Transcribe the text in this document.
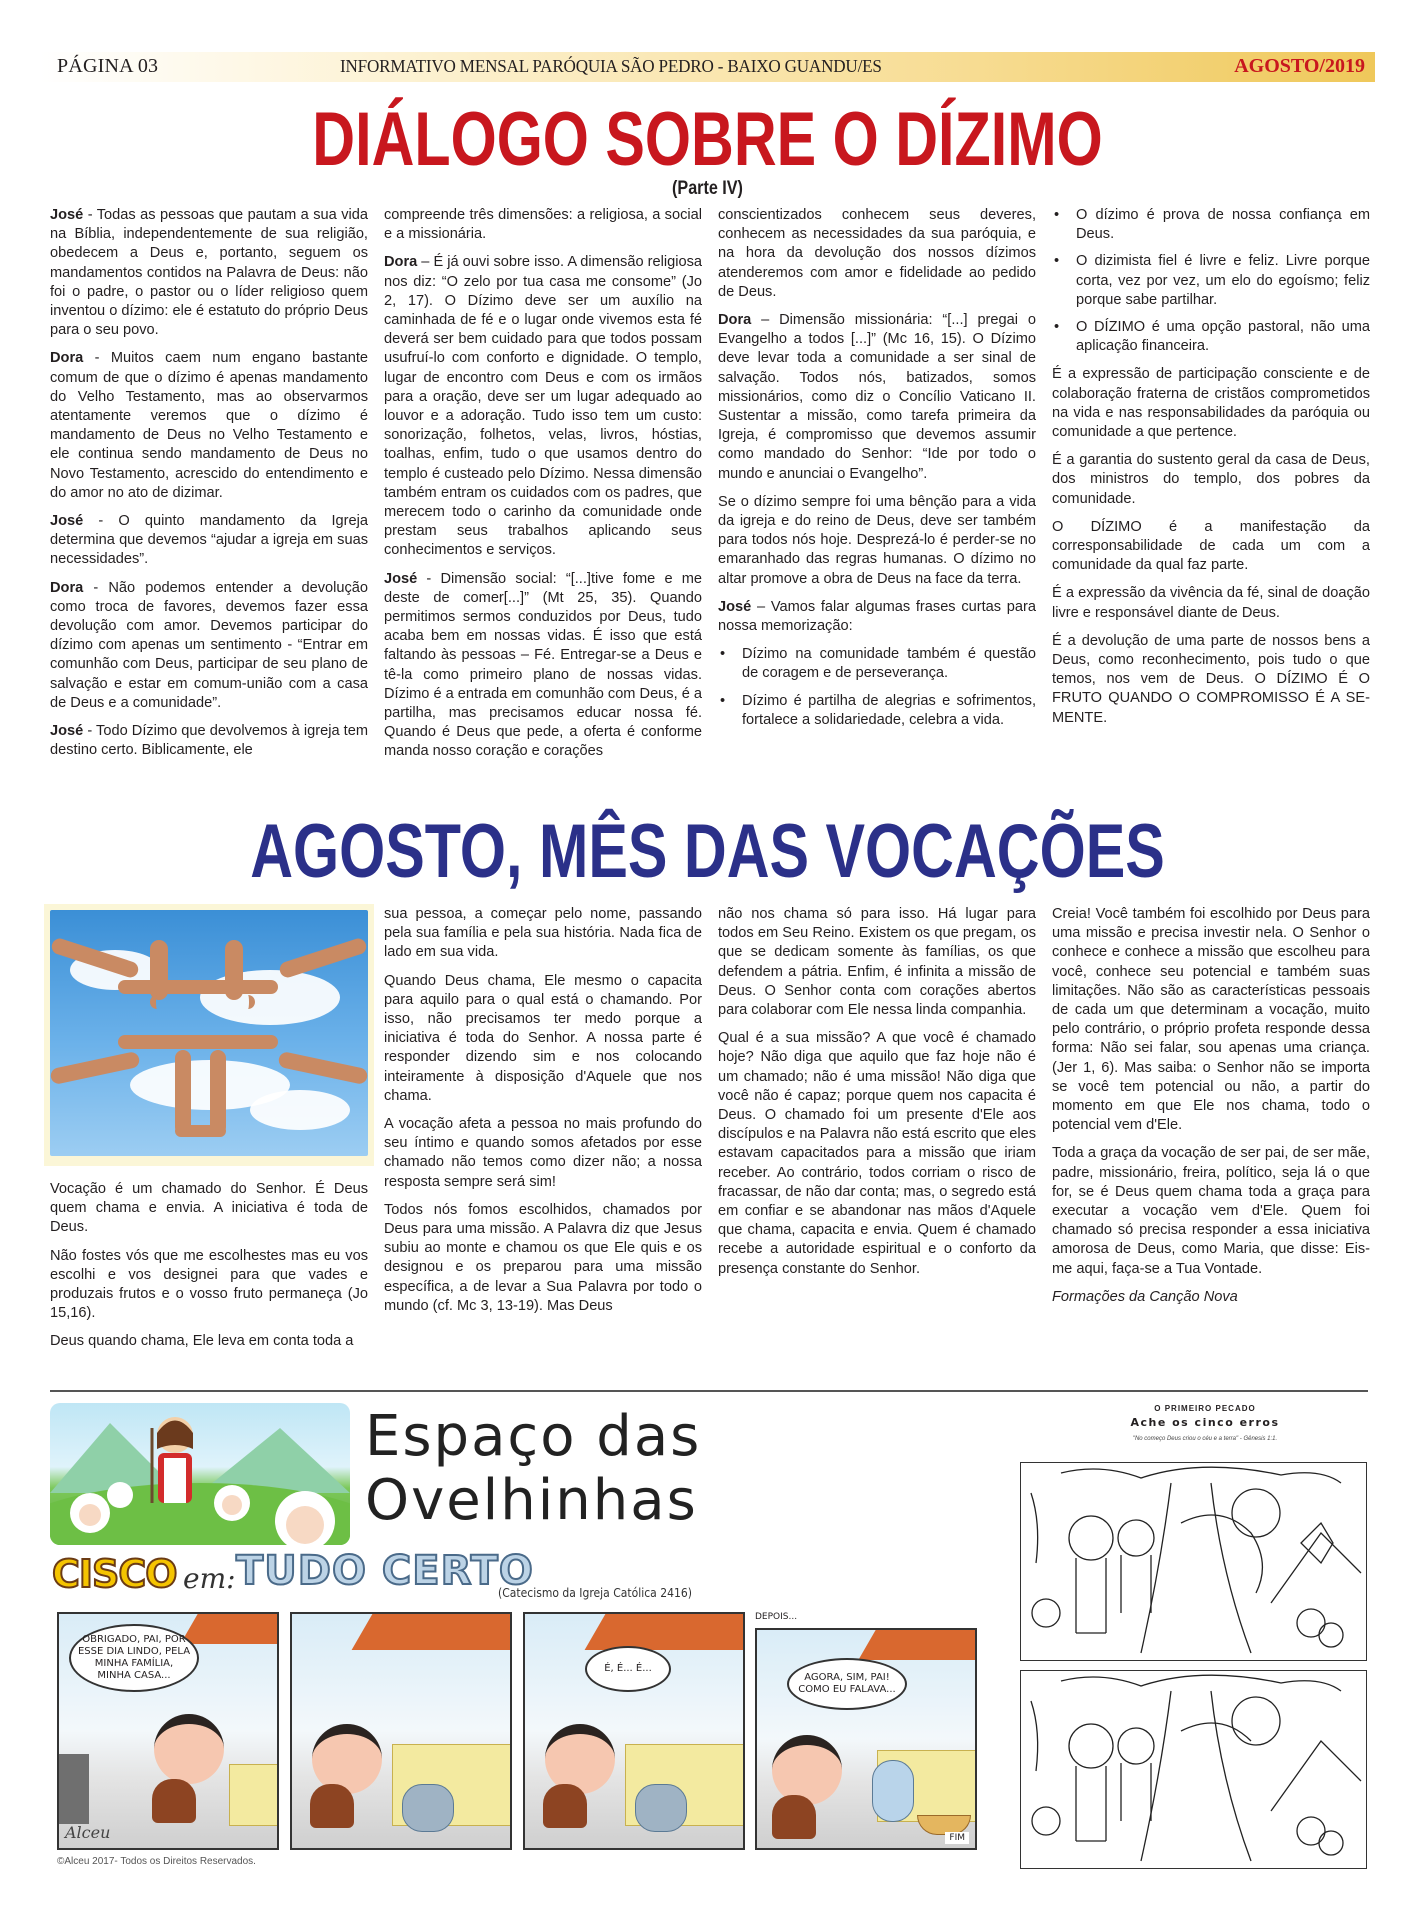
PÁGINA 03	INFORMATIVO MENSAL PARÓQUIA SÃO PEDRO - BAIXO GUANDU/ES	AGOSTO/2019
DIÁLOGO SOBRE O DÍZIMO
(Parte IV)

José - Todas as pessoas que pautam a sua vida na Bíblia, independentemente de sua religião, obedecem a Deus e, portanto, seguem os mandamentos contidos na Palavra de Deus: não foi o padre, o pastor ou o líder religioso quem inventou o dízimo: ele é estatuto do próprio Deus para o seu povo.

Dora - Muitos caem num engano bastante comum de que o dízimo é apenas mandamento do Velho Testamento, mas ao observarmos atentamente veremos que o dízimo é mandamento de Deus no Velho Testamento e ele continua sendo mandamento de Deus no Novo Testamento, acrescido do entendimento e do amor no ato de dizimar.

José - O quinto mandamento da Igreja determina que devemos “ajudar a igreja em suas necessidades”.

Dora - Não podemos entender a devolução como troca de favores, devemos fazer essa devolução com amor. Devemos participar do dízimo com apenas um sentimento - “Entrar em comunhão com Deus, participar de seu plano de salvação e estar em comum-união com a casa de Deus e a comunidade”.

José - Todo Dízimo que devolvemos à igreja tem destino certo. Biblicamente, ele

compreende três dimensões: a religiosa, a social e a missionária.

Dora – É já ouvi sobre isso. A dimensão religiosa nos diz: “O zelo por tua casa me consome” (Jo 2, 17). O Dízimo deve ser um auxílio na caminhada de fé e o lugar onde vivemos esta fé deverá ser bem cuidado para que todos possam usufruí-lo com conforto e dignidade. O templo, lugar de encontro com Deus e com os irmãos para a oração, deve ser um lugar adequado ao louvor e a adoração. Tudo isso tem um custo: sonorização, folhetos, velas, livros, hóstias, toalhas, enfim, tudo o que usamos dentro do templo é custeado pelo Dízimo. Nessa dimensão também entram os cuidados com os padres, que merecem todo o carinho da comunidade onde prestam seus trabalhos aplicando seus conhecimentos e serviços.

José - Dimensão social: “[...]tive fome e me deste de comer[...]” (Mt 25, 35). Quando permitimos sermos conduzidos por Deus, tudo acaba bem em nossas vidas. É isso que está faltando às pessoas – Fé. Entregar-se a Deus e tê-la como primeiro plano de nossas vidas. Dízimo é a entrada em comunhão com Deus, é a partilha, mas precisamos educar nossa fé. Quando é Deus que pede, a oferta é conforme manda nosso coração e corações

conscientizados conhecem seus deveres, conhecem as necessidades da sua paróquia, e na hora da devolução dos nossos dízimos atenderemos com amor e fidelidade ao pedido de Deus.

Dora – Dimensão missionária: “[...] pregai o Evangelho a todos [...]” (Mc 16, 15). O Dízimo deve levar toda a comunidade a ser sinal de salvação. Todos nós, batizados, somos missionários, como diz o Concílio Vaticano II. Sustentar a missão, como tarefa primeira da Igreja, é compromisso que devemos assumir como mandado do Senhor: “Ide por todo o mundo e anunciai o Evangelho”.

Se o dízimo sempre foi uma bênção para a vida da igreja e do reino de Deus, deve ser também para todos nós hoje. Desprezá-lo é perder-se no emaranhado das regras humanas. O dízimo no altar promove a obra de Deus na face da terra.

José – Vamos falar algumas frases curtas para nossa memorização:

• Dízimo na comunidade também é questão de coragem e de perseverança.
• Dízimo é partilha de alegrias e sofrimentos, fortalece a solidariedade, celebra a vida.
• O dízimo é prova de nossa confiança em Deus.
• O dizimista fiel é livre e feliz. Livre porque corta, vez por vez, um elo do egoísmo; feliz porque sabe partilhar.
• O DÍZIMO é uma opção pastoral, não uma aplicação financeira.

É a expressão de participação consciente e de colaboração fraterna de cristãos comprometidos na vida e nas responsabilidades da paróquia ou comunidade a que pertence.

É a garantia do sustento geral da casa de Deus, dos ministros do templo, dos pobres da comunidade.

O DÍZIMO é a manifestação da corresponsabilidade de cada um com a comunidade da qual faz parte.

É a expressão da vivência da fé, sinal de doação livre e responsável diante de Deus.

É a devolução de uma parte de nossos bens a Deus, como reconhecimento, pois tudo o que temos, nos vem de Deus. O DÍZIMO É O FRUTO QUANDO O COMPROMISSO É A SE-MENTE.

AGOSTO, MÊS DAS VOCAÇÕES

Vocação é um chamado do Senhor. É Deus quem chama e envia. A iniciativa é toda de Deus.

Não fostes vós que me escolhestes mas eu vos escolhi e vos designei para que vades e produzais frutos e o vosso fruto permaneça (Jo 15,16).

Deus quando chama, Ele leva em conta toda a

sua pessoa, a começar pelo nome, passando pela sua família e pela sua história. Nada fica de lado em sua vida.

Quando Deus chama, Ele mesmo o capacita para aquilo para o qual está o chamando. Por isso, não precisamos ter medo porque a iniciativa é toda do Senhor. A nossa parte é responder dizendo sim e nos colocando inteiramente à disposição d'Aquele que nos chama.

A vocação afeta a pessoa no mais profundo do seu íntimo e quando somos afetados por esse chamado não temos como dizer não; a nossa resposta sempre será sim!

Todos nós fomos escolhidos, chamados por Deus para uma missão. A Palavra diz que Jesus subiu ao monte e chamou os que Ele quis e os designou e os preparou para uma missão específica, a de levar a Sua Palavra por todo o mundo (cf. Mc 3, 13-19). Mas Deus

não nos chama só para isso. Há lugar para todos em Seu Reino. Existem os que pregam, os que se dedicam somente às famílias, os que defendem a pátria. Enfim, é infinita a missão de Deus. O Senhor conta com corações abertos para colaborar com Ele nessa linda companhia.

Qual é a sua missão? A que você é chamado hoje? Não diga que aquilo que faz hoje não é um chamado; não é uma missão! Não diga que você não é capaz; porque quem nos capacita é Deus. O chamado foi um presente d'Ele aos discípulos e na Palavra não está escrito que eles estavam capacitados para a missão que iriam receber. Ao contrário, todos corriam o risco de fracassar, de não dar conta; mas, o segredo está em confiar e se abandonar nas mãos d'Aquele que chama, capacita e envia. Quem é chamado recebe a autoridade espiritual e o conforto da presença constante do Senhor.

Creia! Você também foi escolhido por Deus para uma missão e precisa investir nela. O Senhor o conhece e conhece a missão que escolheu para você, conhece seu potencial e também suas limitações. Não são as características pessoais de cada um que determinam a vocação, muito pelo contrário, o próprio profeta responde dessa forma: Não sei falar, sou apenas uma criança. (Jer 1, 6). Mas saiba: o Senhor não se importa se você tem potencial ou não, a partir do momento em que Ele nos chama, todo o potencial vem d'Ele.

Toda a graça da vocação de ser pai, de ser mãe, padre, missionário, freira, político, seja lá o que for, se é Deus quem chama toda a graça para executar a vocação vem d'Ele. Quem foi chamado só precisa responder a essa iniciativa amorosa de Deus, como Maria, que disse: Eis-me aqui, faça-se a Tua Vontade.

Formações da Canção Nova

Espaço das
Ovelhinhas
CISCO em: TUDO CERTO
(Catecismo da Igreja Católica 2416)
OBRIGADO, PAI, POR ESSE DIA LINDO, PELA MINHA FAMÍLIA, MINHA CASA...
Alceu
É, É... É...
DEPOIS...
AGORA, SIM, PAI! COMO EU FALAVA...
FIM
©Alceu 2017- Todos os Direitos Reservados.
O PRIMEIRO PECADO
Ache os cinco erros
"No começo Deus criou o céu e a terra" - Gênesis 1:1.
